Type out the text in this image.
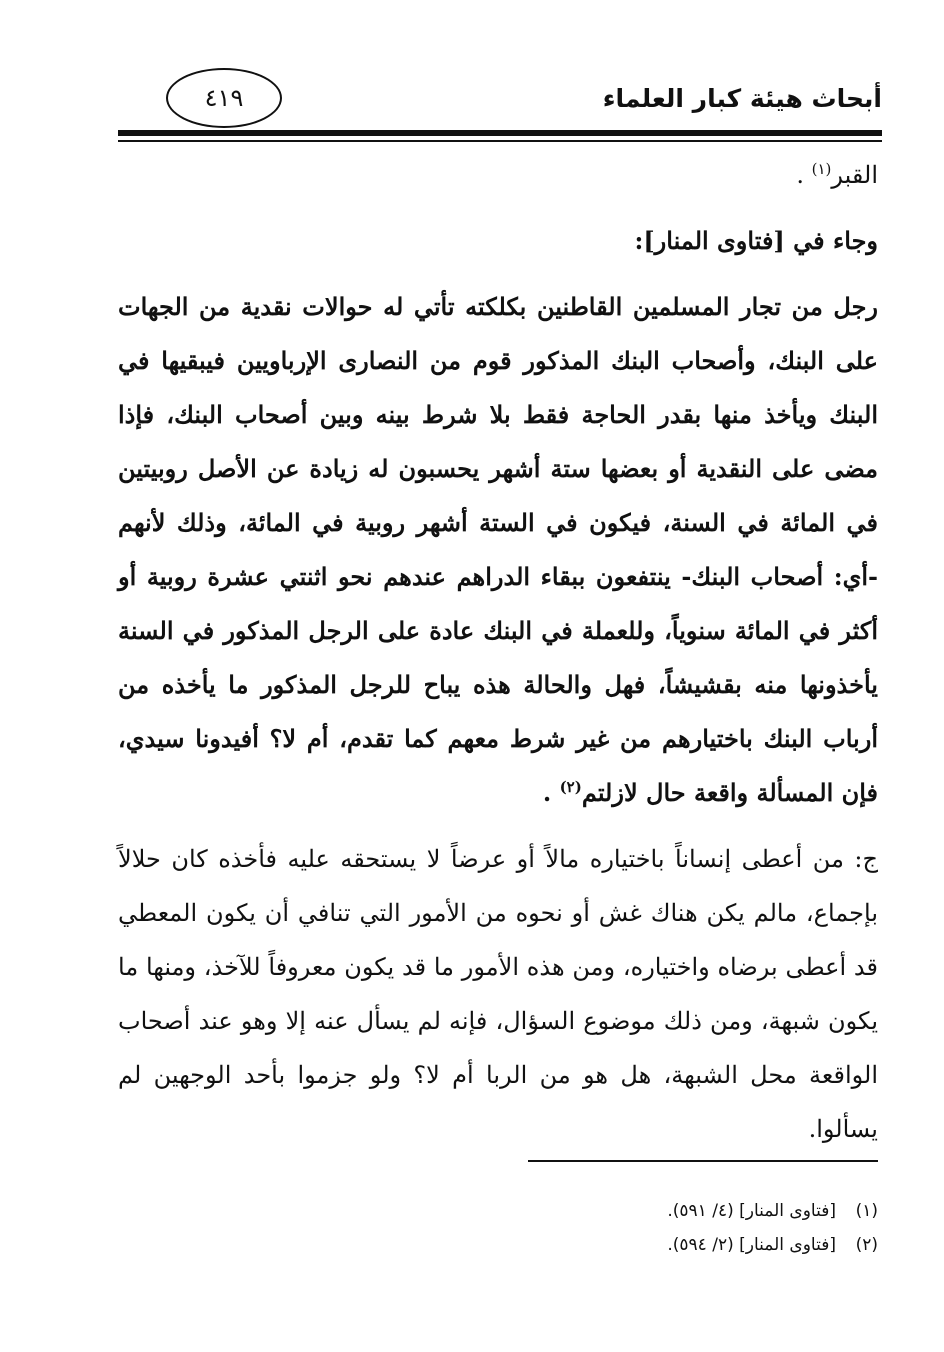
أبحاث هيئة كبار العلماء
٤١٩

القبر$^{(١)}$ .

وجاء في [فتاوى المنار]:

رجل من تجار المسلمين القاطنين بكلكته تأتي له حوالات نقدية من الجهات على البنك، وأصحاب البنك المذكور قوم من النصارى الإرباويين فيبقيها في البنك ويأخذ منها بقدر الحاجة فقط بلا شرط بينه وبين أصحاب البنك، فإذا مضى على النقدية أو بعضها ستة أشهر يحسبون له زيادة عن الأصل روبيتين في المائة في السنة، فيكون في الستة أشهر روبية في المائة، وذلك لأنهم -أي: أصحاب البنك- ينتفعون ببقاء الدراهم عندهم نحو اثنتي عشرة روبية أو أكثر في المائة سنوياً، وللعملة في البنك عادة على الرجل المذكور في السنة يأخذونها منه بقشيشاً، فهل والحالة هذه يباح للرجل المذكور ما يأخذه من أرباب البنك باختيارهم من غير شرط معهم كما تقدم، أم لا؟ أفيدونا سيدي، فإن المسألة واقعة حال لازلتم$^{(٢)}$ .

ج: من أعطى إنساناً باختياره مالاً أو عرضاً لا يستحقه عليه فأخذه كان حلالاً بإجماع، مالم يكن هناك غش أو نحوه من الأمور التي تنافي أن يكون المعطي قد أعطى برضاه واختياره، ومن هذه الأمور ما قد يكون معروفاً للآخذ، ومنها ما يكون شبهة، ومن ذلك موضوع السؤال، فإنه لم يسأل عنه إلا وهو عند أصحاب الواقعة محل الشبهة، هل هو من الربا أم لا؟ ولو جزموا بأحد الوجهين لم يسألوا.

(١)[فتاوى المنار] (٤/ ٥٩١).
(٢)[فتاوى المنار] (٢/ ٥٩٤).
